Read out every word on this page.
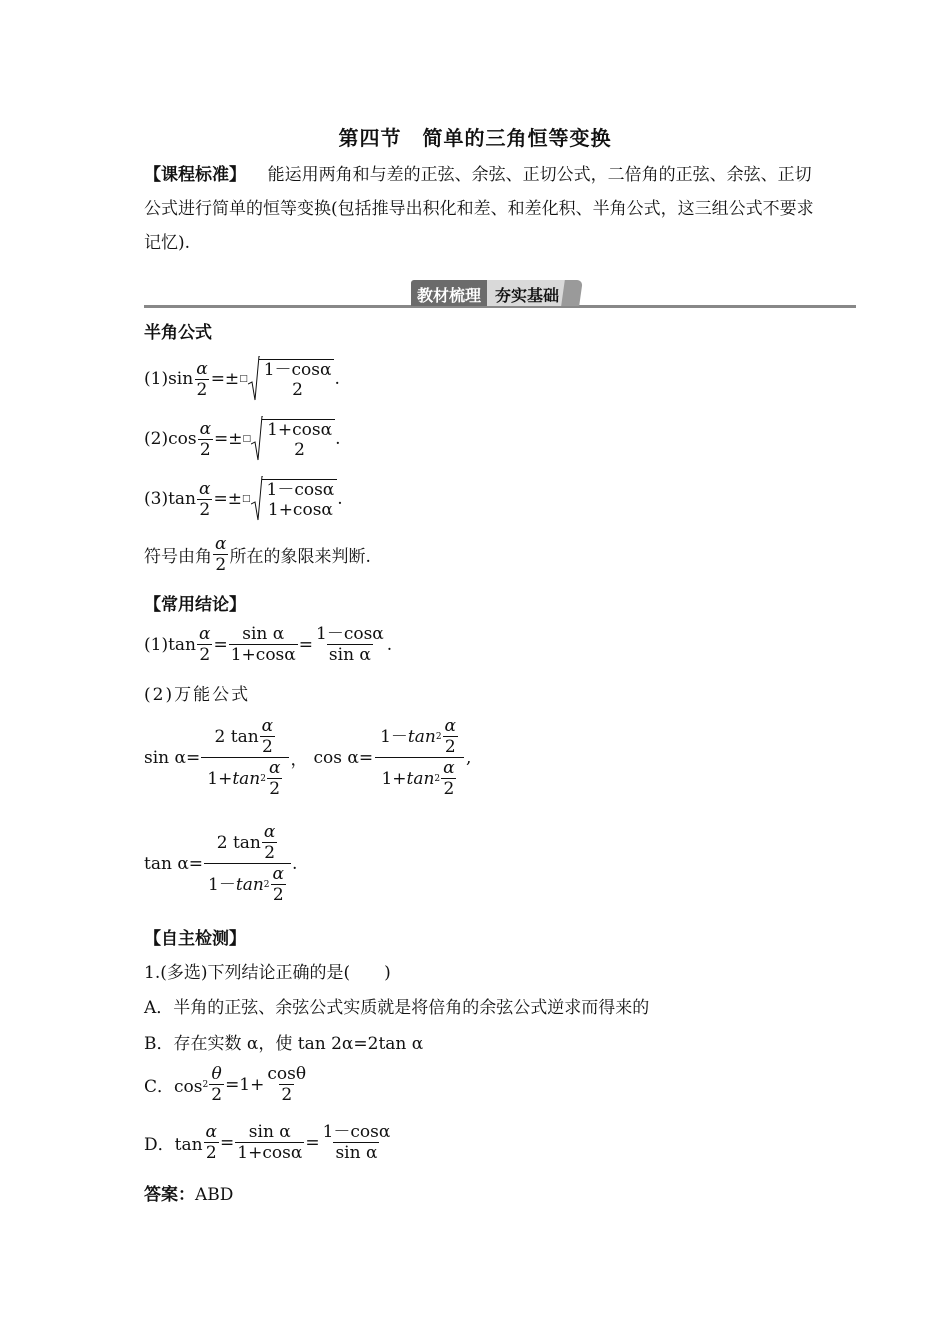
第四节　简单的三角恒等变换
【课程标准】 能运用两角和与差的正弦、余弦、正切公式，二倍角的正弦、余弦、正切公式进行简单的恒等变换(包括推导出积化和差、和差化积、半角公式，这三组公式不要求记忆).
教材梳理 夯实基础
半角公式
$(1)\sin \frac{\alpha}{2}$ =± □ 1－cosα
2
.
$(2)\cos \frac{\alpha}{2}$ =± □ 1+cosα
2
.
$(3)\tan \frac{\alpha}{2}$ =± □ 1－cosα
1+cosα
.
符号由角
α
2 所在的象限来判断.
【常用结论】
$(1)\tan \frac{\alpha}{2} = \frac{\text{sin α}}{1+\cos\alpha} = \frac{1-\cos\alpha}{\text{sin α}}$ .
(2)万能公式
sin α= 2 tan
α
2
1+ tan 2
α
2 ， cos α= 1－ tan 2
α
2
1+ tan 2
α
2 ,
tan α= 2 tan
α
2
1－ tan 2
α
2 .
【自主检测】
1.(多选)下列结论正确的是(　　)
A．半角的正弦、余弦公式实质就是将倍角的余弦公式逆求而得来的
B．存在实数 α，使 tan 2α=2tan α
C．$\cos 2 \frac{\theta}{2} =1+ \frac{\cos\theta}{2}$
D．$\tan \frac{\alpha}{2} = \frac{\text{sin α}}{1+\cos\alpha} = \frac{1-\cos\alpha}{\text{sin α}}$
答案：ABD
